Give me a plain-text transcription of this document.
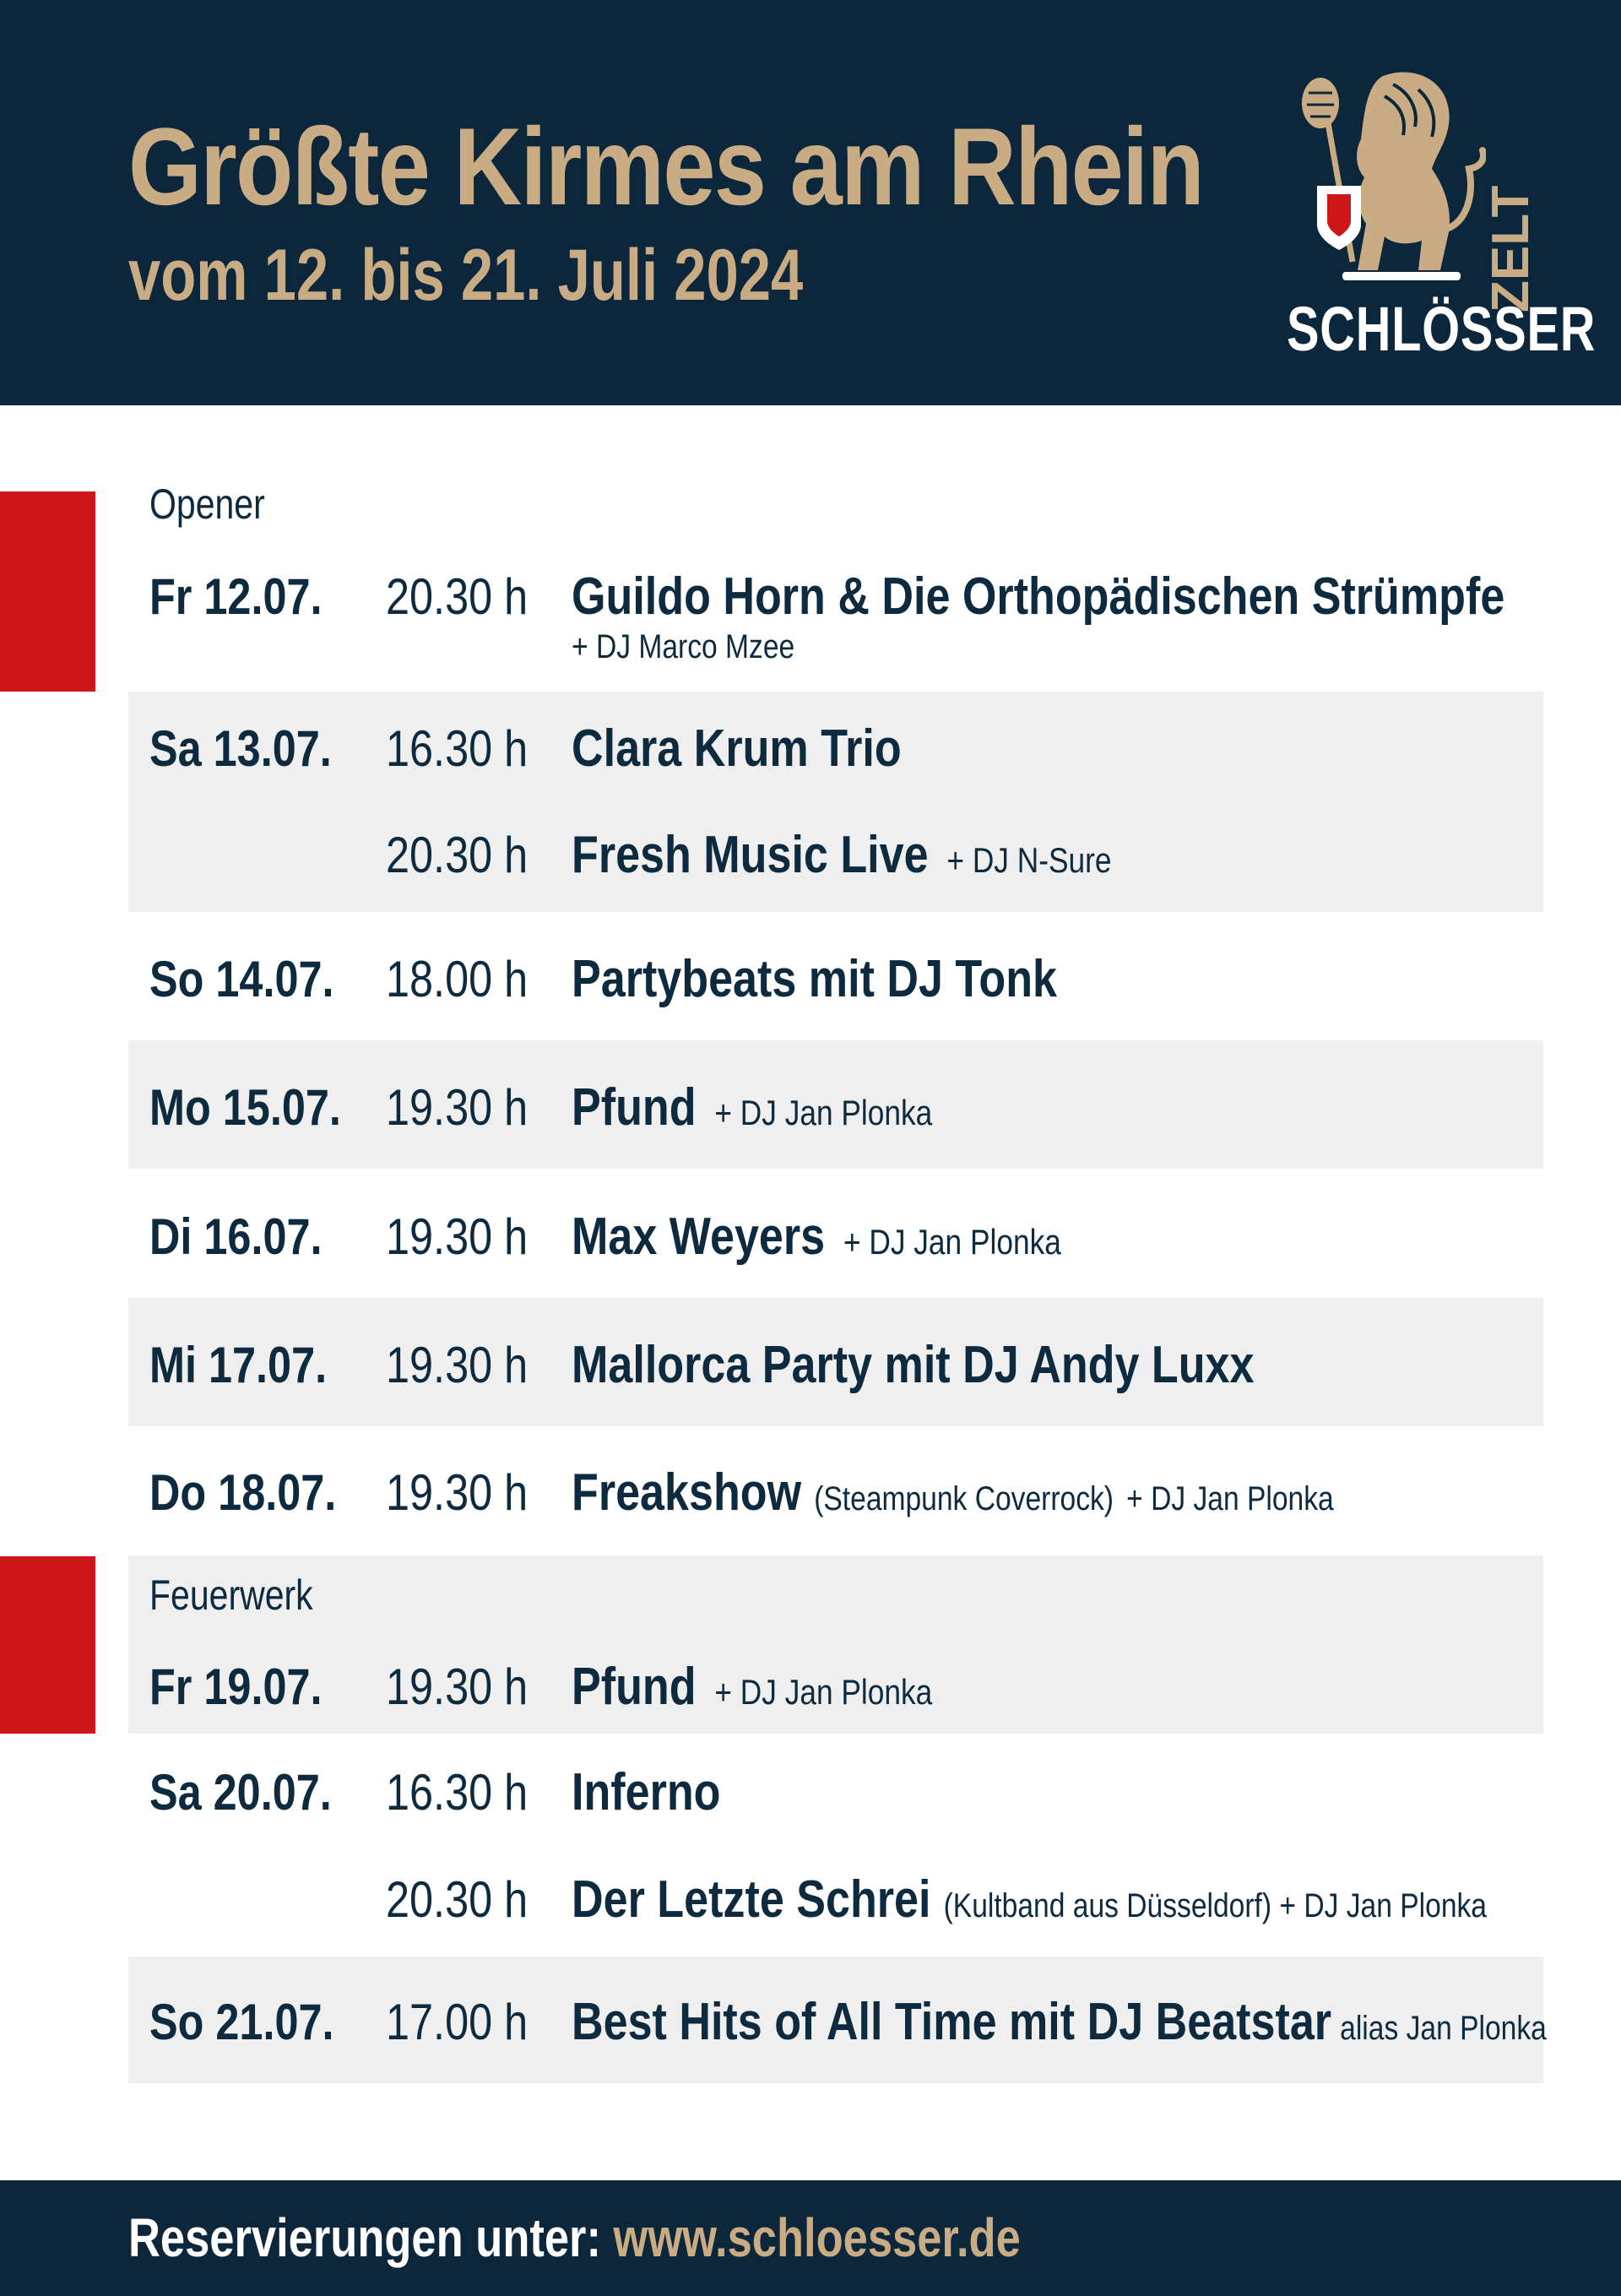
Größte Kirmes am Rhein
vom 12. bis 21. Juli 2024	ZELT
SCHLÖSSER
Opener
Feuerwerk
Fr 12.07. 20.30 h Guildo Horn & Die Orthopädischen Strümpfe
+ DJ Marco Mzee
Sa 13.07. 16.30 h Clara Krum Trio
20.30 h Fresh Music Live + DJ N-Sure
So 14.07. 18.00 h Partybeats mit DJ Tonk
Mo 15.07. 19.30 h Pfund + DJ Jan Plonka
Di 16.07. 19.30 h Max Weyers + DJ Jan Plonka
Mi 17.07. 19.30 h Mallorca Party mit DJ Andy Luxx
Do 18.07. 19.30 h Freakshow (Steampunk Coverrock) + DJ Jan Plonka
Fr 19.07. 19.30 h Pfund + DJ Jan Plonka
Sa 20.07. 16.30 h Inferno
20.30 h Der Letzte Schrei (Kultband aus Düsseldorf) + DJ Jan Plonka
So 21.07. 17.00 h Best Hits of All Time mit DJ Beatstar alias Jan Plonka
Reservierungen unter: www.schloesser.de
